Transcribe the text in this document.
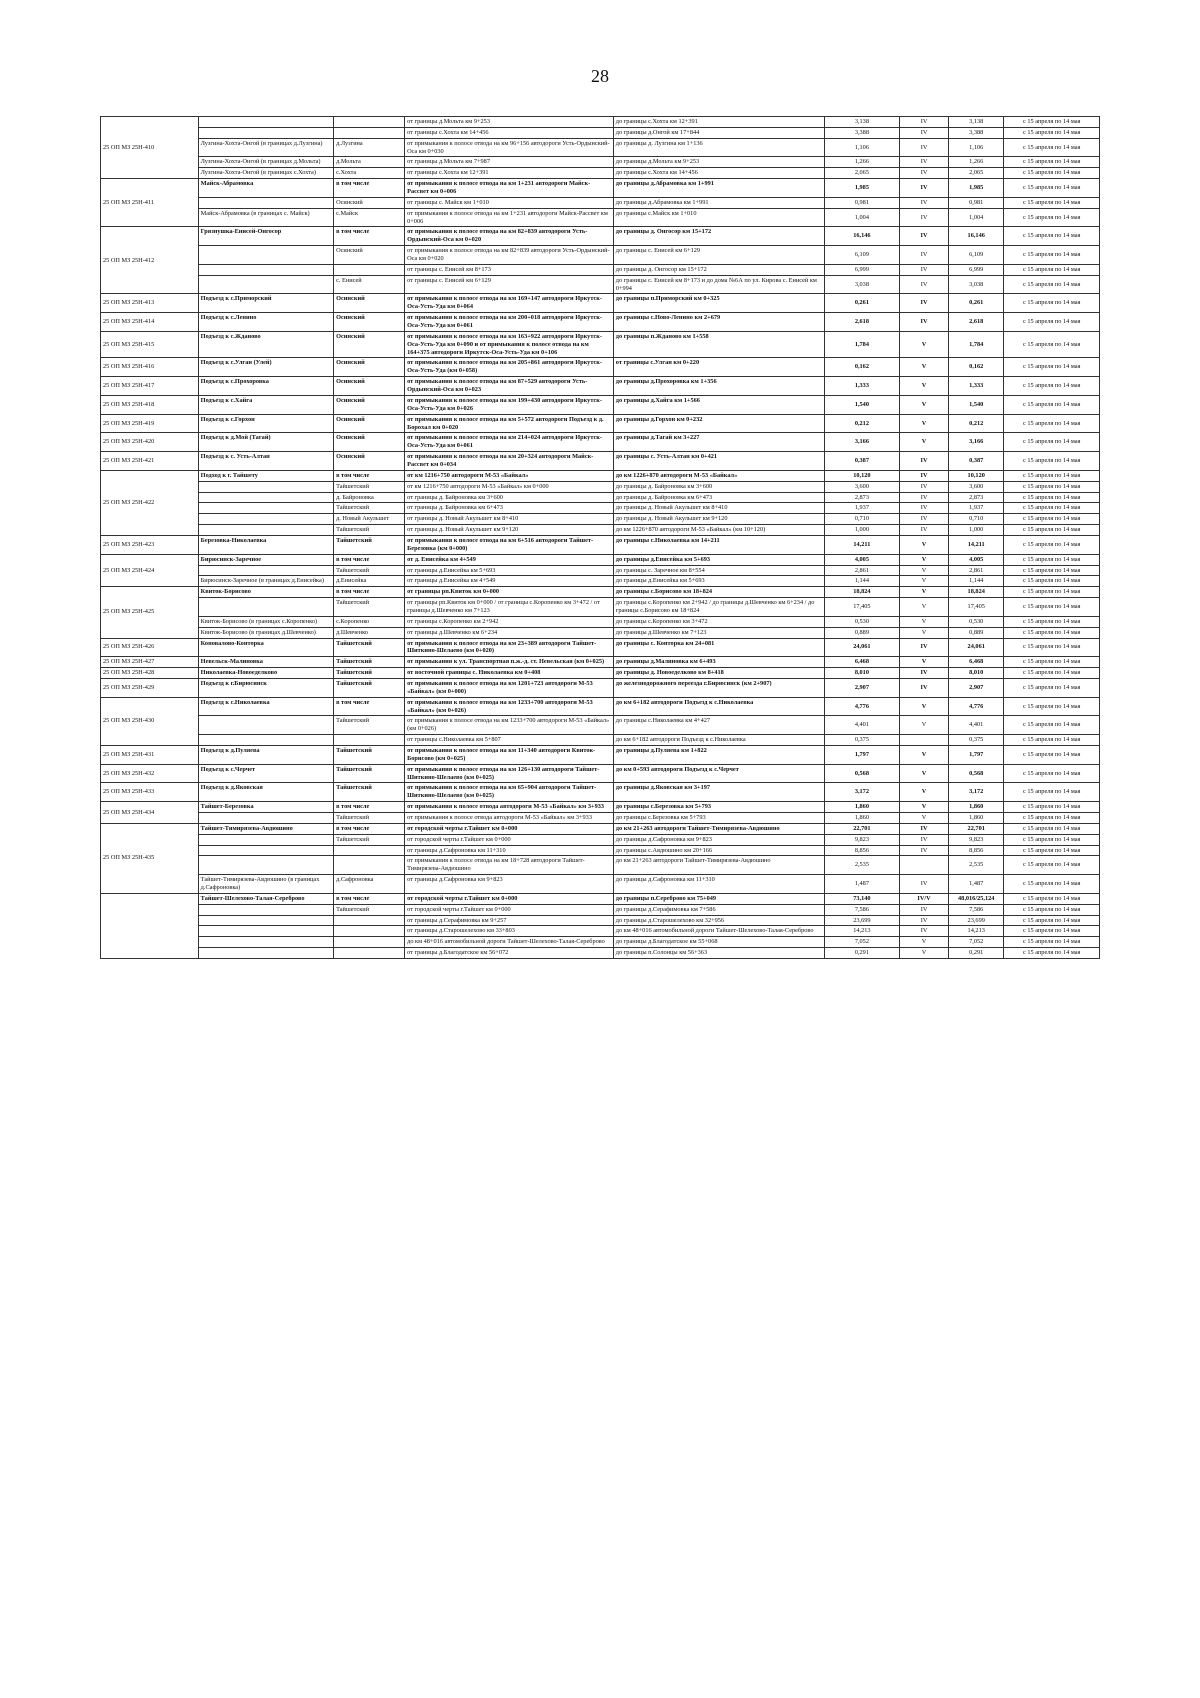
28
25 ОП МЗ 25Н-410			от границы д.Мольта км 9+253	до границы с.Хохта км 12+391	3,138	IV	3,138	с 15 апреля по 14 мая
			от границы с.Хохта км 14+456	до границы д.Онгой км 17+844	3,388	IV	3,388	с 15 апреля по 14 мая
	Лузгина-Хохта-Онгой (в границах д.Лузгина)	д.Лузгина	от примыкания к полосе отвода на км 96+156 автодороги Усть-Ордынский-Оса км 0+030	до границы д. Лузгина км 1+136	1,106	IV	1,106	с 15 апреля по 14 мая
	Лузгина-Хохта-Онгой (в границах д.Мольта)	д.Мольта	от границы д.Мольта км 7+987	до границы д.Мольта км 9+253	1,266	IV	1,266	с 15 апреля по 14 мая
	Лузгина-Хохта-Онгой (в границах с.Хохта)	с.Хохта	от границы с.Хохта км 12+391	до границы с.Хохта км 14+456	2,065	IV	2,065	с 15 апреля по 14 мая
25 ОП МЗ 25Н-411	Майск-Абрамовка	в том числе	от примыкания к полосе отвода на км 1+231 автодороги Майск-Рассвет км 0+006	до границы д.Абрамовка км 1+991	1,985	IV	1,985	с 15 апреля по 14 мая
		Осинский	от границы с. Майск км 1+010	до границы д.Абрамовка км 1+991	0,981	IV	0,981	с 15 апреля по 14 мая
	Майск-Абрамовка (в границах с. Майск)	с.Майск	от примыкания к полосе отвода на км 1+231 автодороги Майск-Рассвет км 0+006	до границы с.Майск км 1+010	1,004	IV	1,004	с 15 апреля по 14 мая
25 ОП МЗ 25Н-412	Грязнушка-Енисей-Онгосор	в том числе	от примыкания к полосе отвода на км 82+839 автодороги Усть-Ордынский-Оса км 0+020	до границы д. Онгосор км 15+172	16,146	IV	16,146	с 15 апреля по 14 мая
		Осинский	от примыкания к полосе отвода на км 82+839 автодороги Усть-Ордынский-Оса км 0+020	до границы с. Енисей км 6+129	6,109	IV	6,109	с 15 апреля по 14 мая
			от границы с. Енисей км 8+173	до границы д. Онгосор км 15+172	6,999	IV	6,999	с 15 апреля по 14 мая
		с. Енисей	от границы с. Енисей км 6+129	до границы с. Енисей км 8+173 и до дома №6А по ул. Кирова с. Енисей км 0+994	3,038	IV	3,038	с 15 апреля по 14 мая
25 ОП МЗ 25Н-413	Подъезд к с.Приморский	Осинский	от примыкания к полосе отвода на км 169+147 автодороги Иркутск-Оса-Усть-Уда км 0+064	до границы п.Приморский км 0+325	0,261	IV	0,261	с 15 апреля по 14 мая
25 ОП МЗ 25Н-414	Подъезд к с.Ленино	Осинский	от примыкания к полосе отвода на км 200+018 автодороги Иркутск-Оса-Усть-Уда км 0+061	до границы с.Ново-Ленино км 2+679	2,618	IV	2,618	с 15 апреля по 14 мая
25 ОП МЗ 25Н-415	Подъезд к с.Жданово	Осинский	от примыкания к полосе отвода на км 163+922 автодороги Иркутск-Оса-Усть-Уда км 0+090 и от примыкания к полосе отвода на км 164+375 автодороги Иркутск-Оса-Усть-Уда км 0+106	до границы п.Жданово км 1+558	1,784	V	1,784	с 15 апреля по 14 мая
25 ОП МЗ 25Н-416	Подъезд к с.Улган (Улей)	Осинский	от примыкания к полосе отвода на км 205+861 автодороги Иркутск-Оса-Усть-Уда (км 0+058)	от границы с.Улган км 0+220	0,162	V	0,162	с 15 апреля по 14 мая
25 ОП МЗ 25Н-417	Подъезд к с.Прохоровка	Осинский	от примыкания к полосе отвода на км 87+529 автодороги Усть-Ордынский-Оса км 0+023	до границы д.Прохоровка км 1+356	1,333	V	1,333	с 15 апреля по 14 мая
25 ОП МЗ 25Н-418	Подъезд к с.Хайга	Осинский	от примыкания к полосе отвода на км 199+430 автодороги Иркутск-Оса-Усть-Уда км 0+026	до границы д.Хайга км 1+566	1,540	V	1,540	с 15 апреля по 14 мая
25 ОП МЗ 25Н-419	Подъезд к с.Горхон	Осинский	от примыкания к полосе отвода на км 5+572 автодороги Подъезд к д. Бороxал км 0+020	до границы д.Горхон км 0+232	0,212	V	0,212	с 15 апреля по 14 мая
25 ОП МЗ 25Н-420	Подъезд к д.Мой (Тагай)	Осинский	от примыкания к полосе отвода на км 214+024 автодороги Иркутск-Оса-Усть-Уда км 0+061	до границы д.Тагай км 3+227	3,166	V	3,166	с 15 апреля по 14 мая
25 ОП МЗ 25Н-421	Подъезд к с. Усть-Алтан	Осинский	от примыкания к полосе отвода на км 20+324 автодороги Майск-Рассвет км 0+034	до границы с. Усть-Алтан км 0+421	0,387	IV	0,387	с 15 апреля по 14 мая
25 ОП МЗ 25Н-422	Подход к г. Тайшету	в том числе	от км 1216+750 автодороги М-53 «Байкал»	до км 1226+870 автодороги М-53 «Байкал»	10,120	IV	10,120	с 15 апреля по 14 мая
		Тайшетский	от км 1216+750 автодороги М-53 «Байкал» км 0+000	до границы д. Байроновка км 3+600	3,600	IV	3,600	с 15 апреля по 14 мая
		д. Байроновка	от границы д. Байроновка км 3+600	до границы д. Байроновка км 6+473	2,873	IV	2,873	с 15 апреля по 14 мая
		Тайшетский	от границы д. Байроновка км 6+473	до границы д. Новый Акульшет км 8+410	1,937	IV	1,937	с 15 апреля по 14 мая
		д. Новый Акульшет	от границы д. Новый Акульшет км 8+410	до границы д. Новый Акульшет км 9+120	0,710	IV	0,710	с 15 апреля по 14 мая
		Тайшетский	от границы д. Новый Акульшет км 9+120	до км 1226+870 автодороги М-53 «Байкал» (км 10+120)	1,000	IV	1,000	с 15 апреля по 14 мая
25 ОП МЗ 25Н-423	Березовка-Николаевка	Тайшетский	от примыкания к полосе отвода на км 6+516 автодороги Тайшет-Березовка (км 0+000)	до границы с.Николаевка км 14+211	14,211	V	14,211	с 15 апреля по 14 мая
25 ОП МЗ 25Н-424	Бирюсинск-Заречное	в том числе	от д. Енисейка км 4+549	до границы д.Енисейка км 5+693	4,005	V	4,005	с 15 апреля по 14 мая
		Тайшетский	от границы д.Енисейка км 5+693	до границы с. Заречное км 8+554	2,861	V	2,861	с 15 апреля по 14 мая
	Бирюсинск-Заречное (в границах д.Енисейка)	д.Енисейка	от границы д.Енисейка км 4+549	до границы д.Енисейка км 5+693	1,144	V	1,144	с 15 апреля по 14 мая
25 ОП МЗ 25Н-425	Квиток-Борисово	в том числе	от границы рп.Квиток км 0+000	до границы с.Борисово км 18+824	18,824	V	18,824	с 15 апреля по 14 мая
		Тайшетский	от границы рп.Квиток км 0+000 / от границы с.Коропенко км 3+472 / от границы д.Шевченко км 7+123	до границы с.Коропенко км 2+942 / до границы д.Шевченко км 6+234 / до границы с.Борисово км 18+824	17,405	V	17,405	с 15 апреля по 14 мая
	Квиток-Борисово (в границах с.Коропенко)	с.Коропенко	от границы с.Коропенко км 2+942	до границы с.Коропенко км 3+472	0,530	V	0,530	с 15 апреля по 14 мая
	Квиток-Борисово (в границах д.Шевченко)	д.Шевченко	от границы д.Шевченко км 6+234	до границы д.Шевченко км 7+123	0,889	V	0,889	с 15 апреля по 14 мая
25 ОП МЗ 25Н-426	Коновалово-Конторка	Тайшетский	от примыкания к полосе отвода на км 23+389 автодороги Тайшет-Шиткино-Шелаево (км 0+020)	до границы с. Конторка км 24+081	24,061	IV	24,061	с 15 апреля по 14 мая
25 ОП МЗ 25Н-427	Невельск-Малиновка	Тайшетский	от примыкания к ул. Транспортная п.ж.-д. ст. Невельская (км 0+025)	до границы д.Малиновка км 6+493	6,468	V	6,468	с 15 апреля по 14 мая
25 ОП МЗ 25Н-428	Николаевка-Новоеделково	Тайшетский	от восточной границы с. Николаевка км 0+408	до границы д. Новоеделково км 8+418	8,010	IV	8,010	с 15 апреля по 14 мая
25 ОП МЗ 25Н-429	Подъезд к г.Бирюсинск	Тайшетский	от примыкания к полосе отвода на км 1201+723 автодороги М-53 «Байкал» (км 0+000)	до железнодорожного переезда г.Бирюсинск (км 2+907)	2,907	IV	2,907	с 15 апреля по 14 мая
25 ОП МЗ 25Н-430	Подъезд к с.Николаевка	в том числе	от примыкания к полосе отвода на км 1233+700 автодороги М-53 «Байкал» (км 0+026)	до км 6+182 автодороги Подъезд к с.Николаевка	4,776	V	4,776	с 15 апреля по 14 мая
		Тайшетский	от примыкания к полосе отвода на км 1233+700 автодороги М-53 «Байкал» (км 0+026)	до границы с.Николаевка км 4+427	4,401	V	4,401	с 15 апреля по 14 мая
			от границы с.Николаевка км 5+807	до км 6+182 автодороги Подъезд к с.Николаевка	0,375		0,375	с 15 апреля по 14 мая
25 ОП МЗ 25Н-431	Подъезд к д.Пуляева	Тайшетский	от примыкания к полосе отвода на км 11+340 автодороги Квиток-Борисово (км 0+025)	до границы д.Пуляева км 1+822	1,797	V	1,797	с 15 апреля по 14 мая
25 ОП МЗ 25Н-432	Подъезд к с.Черчет	Тайшетский	от примыкания к полосе отвода на км 126+130 автодороги Тайшет-Шиткино-Шелаево (км 0+025)	до км 0+593 автодороги Подъезд к с.Черчет	0,568	V	0,568	с 15 апреля по 14 мая
25 ОП МЗ 25Н-433	Подъезд к д.Яковская	Тайшетский	от примыкания к полосе отвода на км 65+904 автодороги Тайшет-Шиткино-Шелаево (км 0+025)	до границы д.Яковская км 3+197	3,172	V	3,172	с 15 апреля по 14 мая
25 ОП МЗ 25Н-434	Тайшет-Березовка	в том числе	от примыкания к полосе отвода автодороги М-53 «Байкал» км 3+933	до границы с.Березовка км 5+793	1,860	V	1,860	с 15 апреля по 14 мая
		Тайшетский	от примыкания к полосе отвода автодороги М-53 «Байкал» км 3+933	до границы с.Березовка км 5+793	1,860	V	1,860	с 15 апреля по 14 мая
25 ОП МЗ 25Н-435	Тайшет-Тимирязева-Авдюшино	в том числе	от городской черты г.Тайшет км 0+000	до км 21+263 автодороги Тайшет-Тимирязева-Авдюшино	22,701	IV	22,701	с 15 апреля по 14 мая
		Тайшетский	от городской черты г.Тайшет км 0+000	до границы д.Сафроновка км 9+823	9,823	IV	9,823	с 15 апреля по 14 мая
			от границы д.Сафроновка км 11+310	до границы с.Авдюшино км 20+166	8,856	IV	8,856	с 15 апреля по 14 мая
			от примыкания к полосе отвода на км 18+728 автодороги Тайшет-Тимирязева-Авдюшино	до км 21+263 автодороги Тайшет-Тимирязева-Авдюшино	2,535		2,535	с 15 апреля по 14 мая
	Тайшет-Тимирязева-Авдюшино (в границах д.Сафроновка)	д.Сафроновка	от границы д.Сафроновка км 9+823	до границы д.Сафроновка км 11+310	1,487	IV	1,487	с 15 апреля по 14 мая
	Тайшет-Шелехово-Талая-Сереброво	в том числе	от городской черты г.Тайшет км 0+000	до границы п.Сереброво км 75+049	73,140	IV/V	48,016/25,124	с 15 апреля по 14 мая
		Тайшетский	от городской черты г.Тайшет км 0+000	до границы д.Серафимовка км 7+586	7,586	IV	7,586	с 15 апреля по 14 мая
			от границы д.Серафимовка км 9+257	до границы д.Старошелехово км 32+956	23,699	IV	23,699	с 15 апреля по 14 мая
			от границы д.Старошелехово км 33+803	до км 48+016 автомобильной дороги Тайшет-Шелехово-Талая-Сереброво	14,213	IV	14,213	с 15 апреля по 14 мая
			до км 48+016 автомобильной дороги Тайшет-Шелехово-Талая-Сереброво	до границы д.Благодатское км 55+068	7,052	V	7,052	с 15 апреля по 14 мая
			от границы д.Благодатское км 56+072	до границы п.Солонцы км 56+363	0,291	V	0,291	с 15 апреля по 14 мая
